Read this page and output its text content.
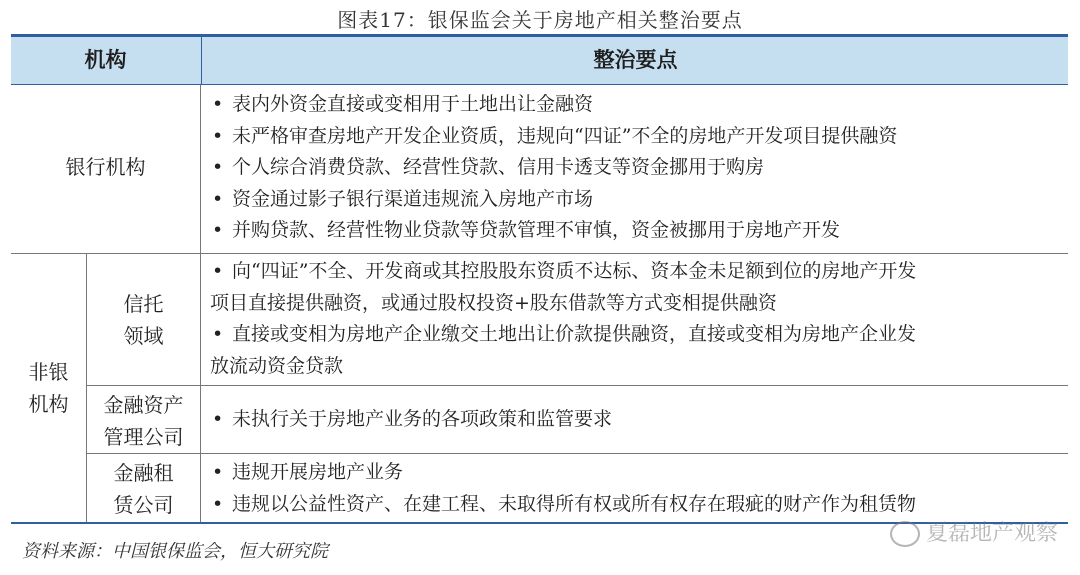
图表17：银保监会关于房地产相关整治要点
机构	整治要点
银行机构
• 表内外资金直接或变相用于土地出让金融资
• 未严格审查房地产开发企业资质，违规向“四证”不全的房地产开发项目提供融资
• 个人综合消费贷款、经营性贷款、信用卡透支等资金挪用于购房
• 资金通过影子银行渠道违规流入房地产市场
• 并购贷款、经营性物业贷款等贷款管理不审慎，资金被挪用于房地产开发
非银
机构
信托
领域
• 向“四证”不全、开发商或其控股股东资质不达标、资本金未足额到位的房地产开发
项目直接提供融资，或通过股权投资+股东借款等方式变相提供融资
• 直接或变相为房地产企业缴交土地出让价款提供融资，直接或变相为房地产企业发
放流动资金贷款
金融资产
管理公司
• 未执行关于房地产业务的各项政策和监管要求
金融租
赁公司
• 违规开展房地产业务
• 违规以公益性资产、在建工程、未取得所有权或所有权存在瑕疵的财产作为租赁物
资料来源：中国银保监会，恒大研究院
夏磊地产观察
